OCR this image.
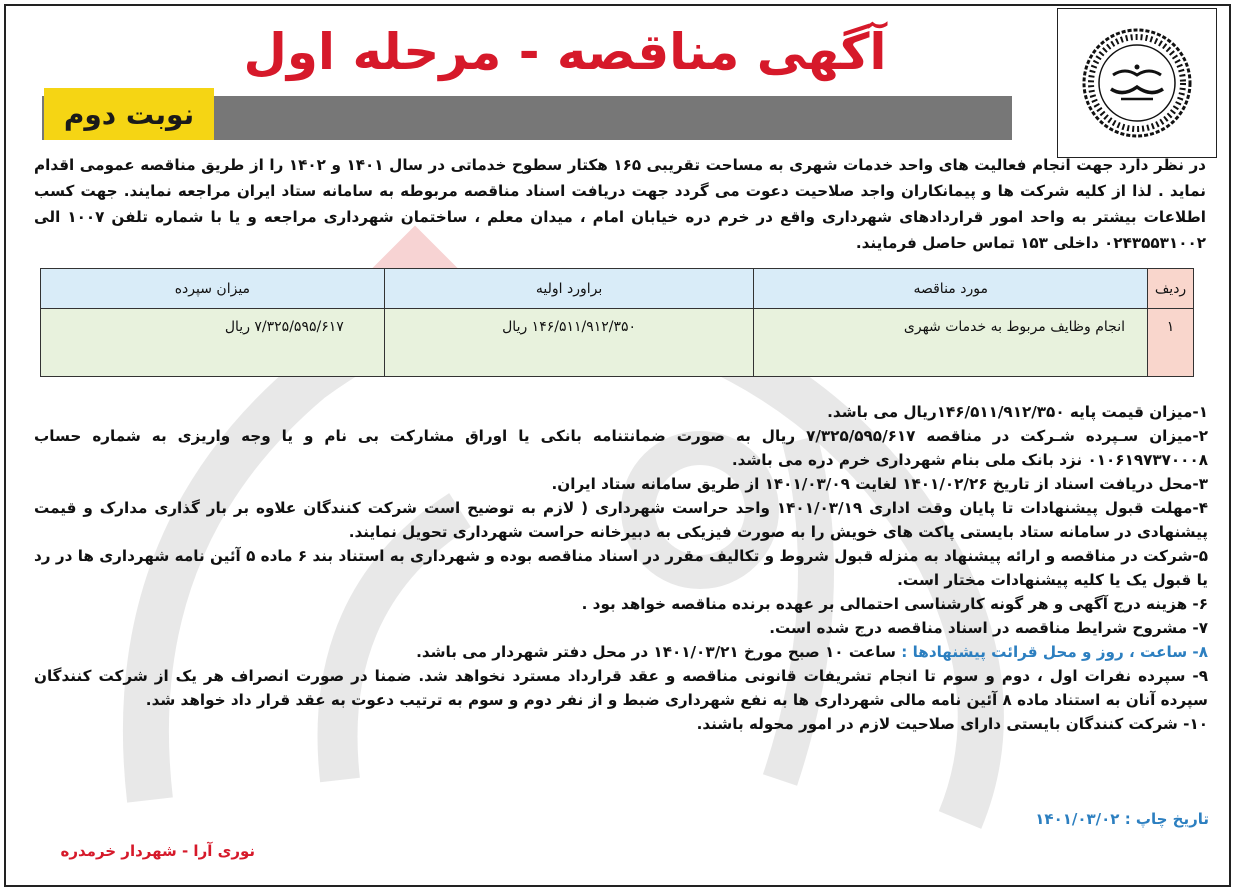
آگهی مناقصه - مرحله اول
نوبت دوم

در نظر دارد جهت انجام فعالیت های واحد خدمات شهری به مساحت تقریبی ۱۶۵ هکتار سطوح خدماتی در سال ۱۴۰۱ و ۱۴۰۲ را از طریق مناقصه عمومی اقدام نماید . لذا از کلیه شرکت ها و پیمانکاران واجد صلاحیت دعوت می گردد جهت دریافت اسناد مناقصه مربوطه به سامانه ستاد ایران مراجعه نمایند. جهت کسب اطلاعات بیشتر به واحد امور قراردادهای شهرداری واقع در خرم دره خیابان امام ، میدان معلم ، ساختمان شهرداری مراجعه و یا با شماره تلفن ۱۰۰۷ الی ۰۲۴۳۵۵۳۱۰۰۲ داخلی ۱۵۳ تماس حاصل فرمایند.

ردیف	مورد مناقصه	براورد اولیه	میزان سپرده
۱	انجام وظایف مربوط به خدمات شهری	۱۴۶/۵۱۱/۹۱۲/۳۵۰ ریال	۷/۳۲۵/۵۹۵/۶۱۷ ریال
۱-میزان قیمت پایه ۱۴۶/۵۱۱/۹۱۲/۳۵۰ریال می باشد.
۲-میزان سـپرده شـرکت در مناقصه ۷/۳۲۵/۵۹۵/۶۱۷ ریال به صورت ضمانتنامه بانکی یا اوراق مشارکت بی نام و یا وجه واریزی به شماره حساب ۰۱۰۶۱۹۷۳۷۰۰۰۸ نزد بانک ملی بنام شهرداری خرم دره می باشد.
۳-محل دریافت اسناد از تاریخ ۱۴۰۱/۰۲/۲۶ لغایت ۱۴۰۱/۰۳/۰۹ از طریق سامانه ستاد ایران.
۴-مهلت قبول پیشنهادات تا پایان وقت اداری ۱۴۰۱/۰۳/۱۹ واحد حراست شهرداری ( لازم به توضیح است شرکت کنندگان علاوه بر بار گذاری مدارک و قیمت پیشنهادی در سامانه ستاد بایستی پاکت های خویش را به صورت فیزیکی به دبیرخانه حراست شهرداری تحویل نمایند.
۵-شرکت در مناقصه و ارائه پیشنهاد به منزله قبول شروط و تکالیف مقرر در اسناد مناقصه بوده و شهرداری به استناد بند ۶ ماده ۵ آئین نامه شهرداری ها در رد یا قبول یک یا کلیه پیشنهادات مختار است.
۶- هزینه درج آگهی و هر گونه کارشناسی احتمالی بر عهده برنده مناقصه خواهد بود .
۷- مشروح شرایط مناقصه در اسناد مناقصه درج شده است.
۸- ساعت ، روز و محل قرائت پیشنهادها : ساعت ۱۰ صبح مورخ ۱۴۰۱/۰۳/۲۱ در محل دفتر شهردار می باشد.
۹- سپرده نفرات اول ، دوم و سوم تا انجام تشریفات قانونی مناقصه و عقد قرارداد مسترد نخواهد شد. ضمنا در صورت انصراف هر یک از شرکت کنندگان سپرده آنان به استناد ماده ۸ آئین نامه مالی شهرداری ها به نفع شهرداری ضبط و از نفر دوم و سوم به ترتیب دعوت به عقد قرار داد خواهد شد.
۱۰- شرکت کنندگان بایستی دارای صلاحیت لازم در امور محوله باشند.
تاریخ چاپ : ۱۴۰۱/۰۳/۰۲
نوری آرا - شهردار خرمدره
